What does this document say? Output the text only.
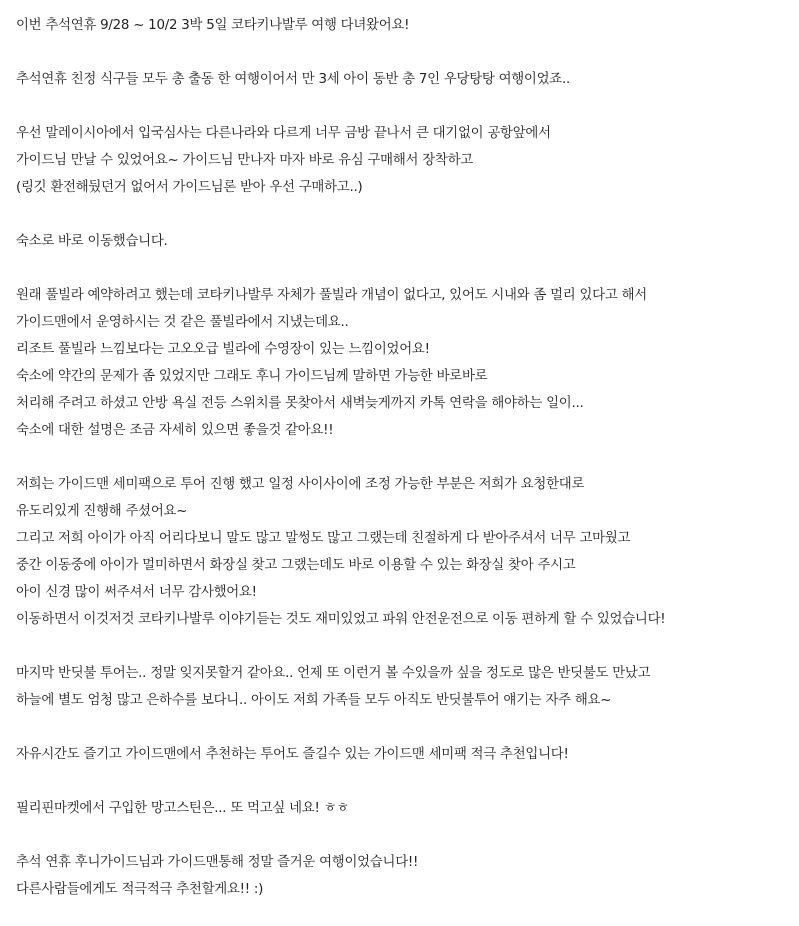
이번 추석연휴 9/28 ~ 10/2 3박 5일 코타키나발루 여행 다녀왔어요!
추석연휴 친정 식구들 모두 총 출동 한 여행이어서 만 3세 아이 동반 총 7인 우당탕탕 여행이었죠..
우선 말레이시아에서 입국심사는 다른나라와 다르게 너무 금방 끝나서 큰 대기없이 공항앞에서
가이드님 만날 수 있었어요~ 가이드님 만나자 마자 바로 유심 구매해서 장착하고
(링깃 환전해뒀던거 없어서 가이드님론 받아 우선 구매하고..)
숙소로 바로 이동했습니다.
원래 풀빌라 예약하려고 했는데 코타키나발루 자체가 풀빌라 개념이 없다고, 있어도 시내와 좀 멀리 있다고 해서
가이드맨에서 운영하시는 것 같은 풀빌라에서 지냈는데요..
리조트 풀빌라 느낌보다는 고오오급 빌라에 수영장이 있는 느낌이었어요!
숙소에 약간의 문제가 좀 있었지만 그래도 후니 가이드님께 말하면 가능한 바로바로
처리해 주려고 하셨고 안방 욕실 전등 스위치를 못찾아서 새벽늦게까지 카톡 연락을 해야하는 일이...
숙소에 대한 설명은 조금 자세히 있으면 좋을것 같아요!!
저희는 가이드맨 세미팩으로 투어 진행 했고 일정 사이사이에 조정 가능한 부분은 저희가 요청한대로
유도리있게 진행해 주셨어요~
그리고 저희 아이가 아직 어리다보니 말도 많고 말썽도 많고 그랬는데 친절하게 다 받아주셔서 너무 고마웠고
중간 이동중에 아이가 멀미하면서 화장실 찾고 그랬는데도 바로 이용할 수 있는 화장실 찾아 주시고
아이 신경 많이 써주셔서 너무 감사했어요!
이동하면서 이것저것 코타키나발루 이야기듣는 것도 재미있었고 파워 안전운전으로 이동 편하게 할 수 있었습니다!
마지막 반딧불 투어는.. 정말 잊지못할거 같아요.. 언제 또 이런거 볼 수있을까 싶을 정도로 많은 반딧불도 만났고
하늘에 별도 엄청 많고 은하수를 보다니.. 아이도 저희 가족들 모두 아직도 반딧불투어 얘기는 자주 해요~
자유시간도 즐기고 가이드맨에서 추천하는 투어도 즐길수 있는 가이드맨 세미팩 적극 추천입니다!
필리핀마켓에서 구입한 망고스틴은... 또 먹고싶 네요! ㅎㅎ
추석 연휴 후니가이드님과 가이드맨통해 정말 즐거운 여행이었습니다!!
다른사람들에게도 적극적극 추천할게요!! :)
